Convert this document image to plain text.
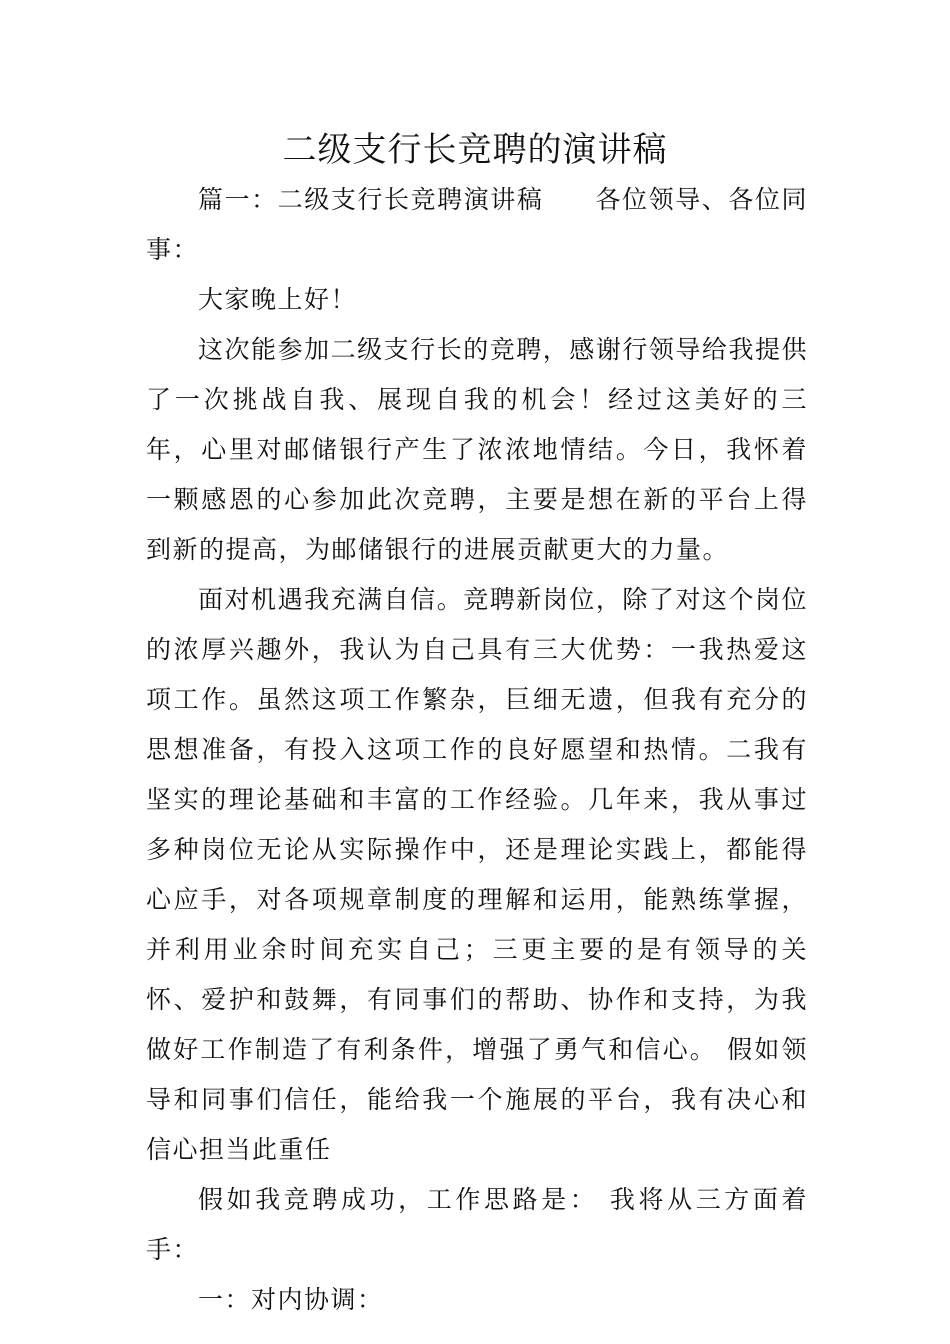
二级支行长竞聘的演讲稿

篇一：二级支行长竞聘演讲稿 各位领导、各位同事：

大家晚上好！

这次能参加二级支行长的竞聘，感谢行领导给我提供了一次挑战自我、展现自我的机会！经过这美好的三年，心里对邮储银行产生了浓浓地情结。今日，我怀着一颗感恩的心参加此次竞聘，主要是想在新的平台上得到新的提高，为邮储银行的进展贡献更大的力量。

面对机遇我充满自信。竞聘新岗位，除了对这个岗位的浓厚兴趣外，我认为自己具有三大优势：一我热爱这项工作。虽然这项工作繁杂，巨细无遗，但我有充分的思想准备，有投入这项工作的良好愿望和热情。二我有坚实的理论基础和丰富的工作经验。几年来，我从事过多种岗位无论从实际操作中，还是理论实践上，都能得心应手，对各项规章制度的理解和运用，能熟练掌握，并利用业余时间充实自己；三更主要的是有领导的关怀、爱护和鼓舞，有同事们的帮助、协作和支持，为我做好工作制造了有利条件，增强了勇气和信心。 假如领导和同事们信任，能给我一个施展的平台，我有决心和信心担当此重任

假如我竞聘成功，工作思路是： 我将从三方面着手：

一：对内协调：
